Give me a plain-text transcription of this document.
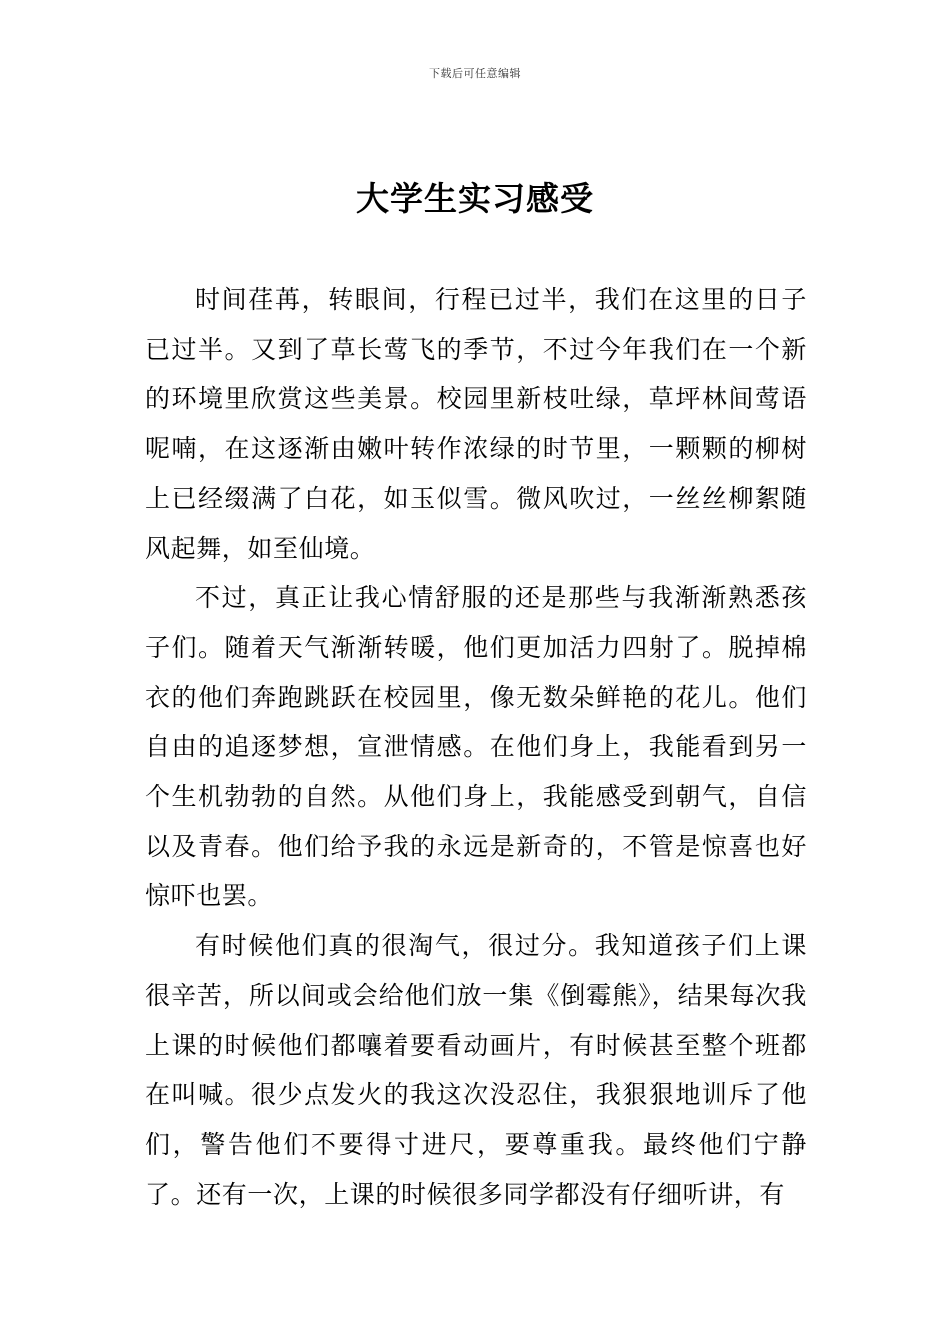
下载后可任意编辑
大学生实习感受

时间荏苒，转眼间，行程已过半，我们在这里的日子已过半。又到了草长莺飞的季节，不过今年我们在一个新的环境里欣赏这些美景。校园里新枝吐绿，草坪林间莺语呢喃，在这逐渐由嫩叶转作浓绿的时节里，一颗颗的柳树上已经缀满了白花，如玉似雪。微风吹过，一丝丝柳絮随风起舞，如至仙境。

不过，真正让我心情舒服的还是那些与我渐渐熟悉孩子们。随着天气渐渐转暖，他们更加活力四射了。脱掉棉衣的他们奔跑跳跃在校园里，像无数朵鲜艳的花儿。他们自由的追逐梦想，宣泄情感。在他们身上，我能看到另一个生机勃勃的自然。从他们身上，我能感受到朝气，自信以及青春。他们给予我的永远是新奇的，不管是惊喜也好惊吓也罢。

有时候他们真的很淘气，很过分。我知道孩子们上课很辛苦，所以间或会给他们放一集《倒霉熊》，结果每次我上课的时候他们都嚷着要看动画片，有时候甚至整个班都在叫喊。很少点发火的我这次没忍住，我狠狠地训斥了他们，警告他们不要得寸进尺，要尊重我。最终他们宁静了。还有一次，上课的时候很多同学都没有仔细听讲，有
